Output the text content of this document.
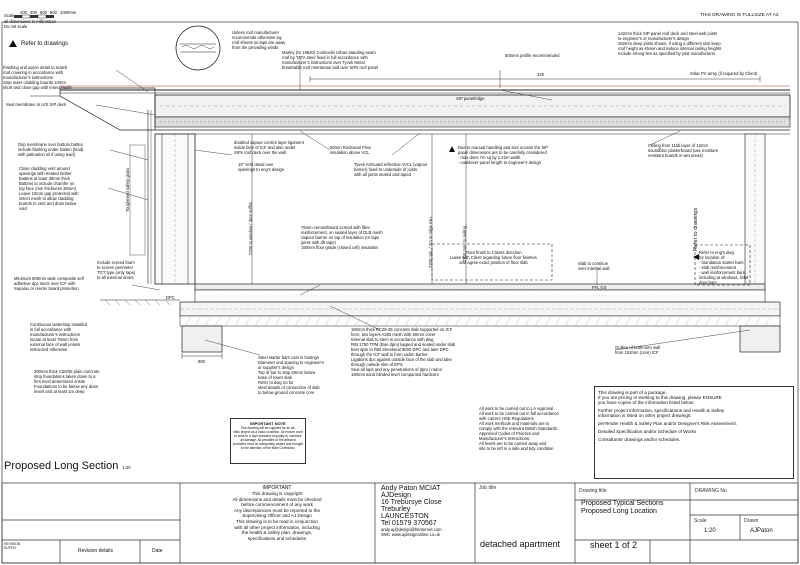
Scale
200 400 600 800 1000mm
all dimensions in millimetres
Do not scale
THIS DRAWING IS FULLSIZE AT A2
Refer to drawings
Refer to drawings
Unless roof manufacturer
recommends otherwise lay
roof sheets so laps are away
from the prevailing winds
Marley (IS 19820) Conkoolsi Urban standing seam
roof by TATA steel fixed in full accordance with
manufacturer's instructions over Tyvek Metal
breathable roof membrane laid over SIPs roof panel
500mm profile recommended
142mm thick SIP panel roof deck and steel web joists
to engineer's or manufacturer's design
262mm deep joists shown, if using a different size keep
roof height as shown and reduce internal ceiling heights
Include strong ties as specified by joist manufacturer
Solar PV array (if required by Client)
SIP panel/ridge
325
Flashing and apron detail to match
roof covering in accordance with
manufacturer's instructions
Stop outer cladding boards 10mm
short and close gap with insect mesh
Seal membrane to U/S SIP deck
Drip membrane over bottom batten
include flashing under batten (lead)
with patination oil if using lead)
Close cladding vent around
openings with treated timber
battens at least 38mm thick
Battens to include chamfer on
top face (min thickness 38mm)
Leave 10mm gap protected with
insect mesh to allow cladding
boards to vent and drain below
void	Toughened safety glass
doubled vapour control layer ligament
inside face of ICF and also under
SIPs roof deck over the wall
10" vent detail over
openings to eng's design
50mm Rockwool Flexi
insulation above VCL
Tyvek AirGuard reflective AVCL (vapour
barrier) fixed to underside of joists
with all joints sealed and taped
Due to manual handling and size access the SIP
panel dimensions are to be carefully considered
- max dims 7m sq by 1.22m width
- cantilever panel length to engineer's design
Ceiling from 11kb layer of 12mm
soundbloc plasterboard (use moisture
resistant boards in wet areas)
2700 to window / door soffits	2700 min. / 2m to ridge min.	2700 min. to ceiling
75mm cementboard screed with fibre
reinforcement, on sealed layer of DLB mesh
Vapour barrier on top of insulation (or tape
joints with dh tape)
150mm floor grade (closed cell) insulation
Floor finish to Clients direction
Liaise with Client regarding future floor finishes
and agree exact position of floor slab
Refer to eng's dwg
for location of:
- foundation starter bars
- slab reinforcement
- wall reinforcement bars,
including at windows, lintel
door bars
Include screed foam
to screen perimeter
TGT type (only tape)
to all external doors
Minimum 800mm wide composite self
adhesive dpc stuck over ICF with
Supalux or render board protection
DPC
Slab to continue
over internal wall
FFL 0.0
Continuous waterstop installed
in full accordance with
manufacturer's instructions
locate at least 75mm from
external face of wall unless
instructed otherwise
150mm thick RC28-35 concrete slab supported on ICF
form, two layers A393 mesh with 50mm cover
Internal slab to stem in accordance with dwg
RIB 1750 TPM (Bue dpm) lapped and sealed under slab
best dpm to RIB Sheetseal 9000 DPC and take DPC
through the ICF wall to form radon barrier
Ligations dpc against outside face of the slab and take
through outside skin of EPS
Seal all laps and any penetrations of dpm / radon
150mm sand blinded level compacted hardcore
Steel starter bars cast in footings
Diameter and spacing to engineer's
or supplier's design
Top of bar to stop 50mm below
base of tower slab
Refer to dwg no for
steel details of connection of slab
to below ground concrete core
300mm thick C28/35 plain concrete
strip foundations taken down to a
firm level determined onsite
Foundations to be below any drain
invert and at least 1m deep
Outline of bathroom wall
from 152mm (core) ICF
900
IMPORTANT NOTE
This drawing will be supplied for an ab-
initio project as a basic condition. All ensure once
to work to a high standard of quality to minimise
all damage. All penalties of the affected
providers must be adequately sealed and brought
to the attention of the Main Contractor.
All work to be carried out to LA Approval
All work to be carried out in full accordance
with current HSE Regulations
All work methods and materials are to
comply with the relevant British Standards,
Approved Codes of Practice and
Manufacturer's Instructions.
All levels are to be carried away and
site to be left in a safe and tidy condition
This drawing is part of a package.
If you are pricing or working to this drawing, please ENSURE
you have copies of the information listed below:
Further project information, specifications and Health & Safety
information is listed on other project drawings:
preTender Health & Safety Plan and/or Designer's Risk Assessment.
Detailed Specification and/or Schedule of Works
Consultants' drawings and/or schedules.
Proposed Long Section 1:20
IMPORTANT
This drawing is copyright
All dimensions and details must be checked
before commencement of any work
Any discrepancies must be reported to the
Supervising Officer and AJ Design
This drawing is to be read in conjunction
with all other project information, including
the health & safety plan, drawings,
specifications and schedules
REVISION
SUFFIX	Revision details	Date
Andy Paton MCIAT
AJDesign
16 Trebursye Close
Treburley
LAUNCESTON
Tel 01579 370567
andy.aj@design@btinternet.com
Web: www.ajdesignonline.co.uk
Job title
detached apartment
Drawing title
Proposed Typical Sections
Proposed Long Location
sheet 1 of 2
DRAWING No
Scale
1:20
Drawn
AJPaton
